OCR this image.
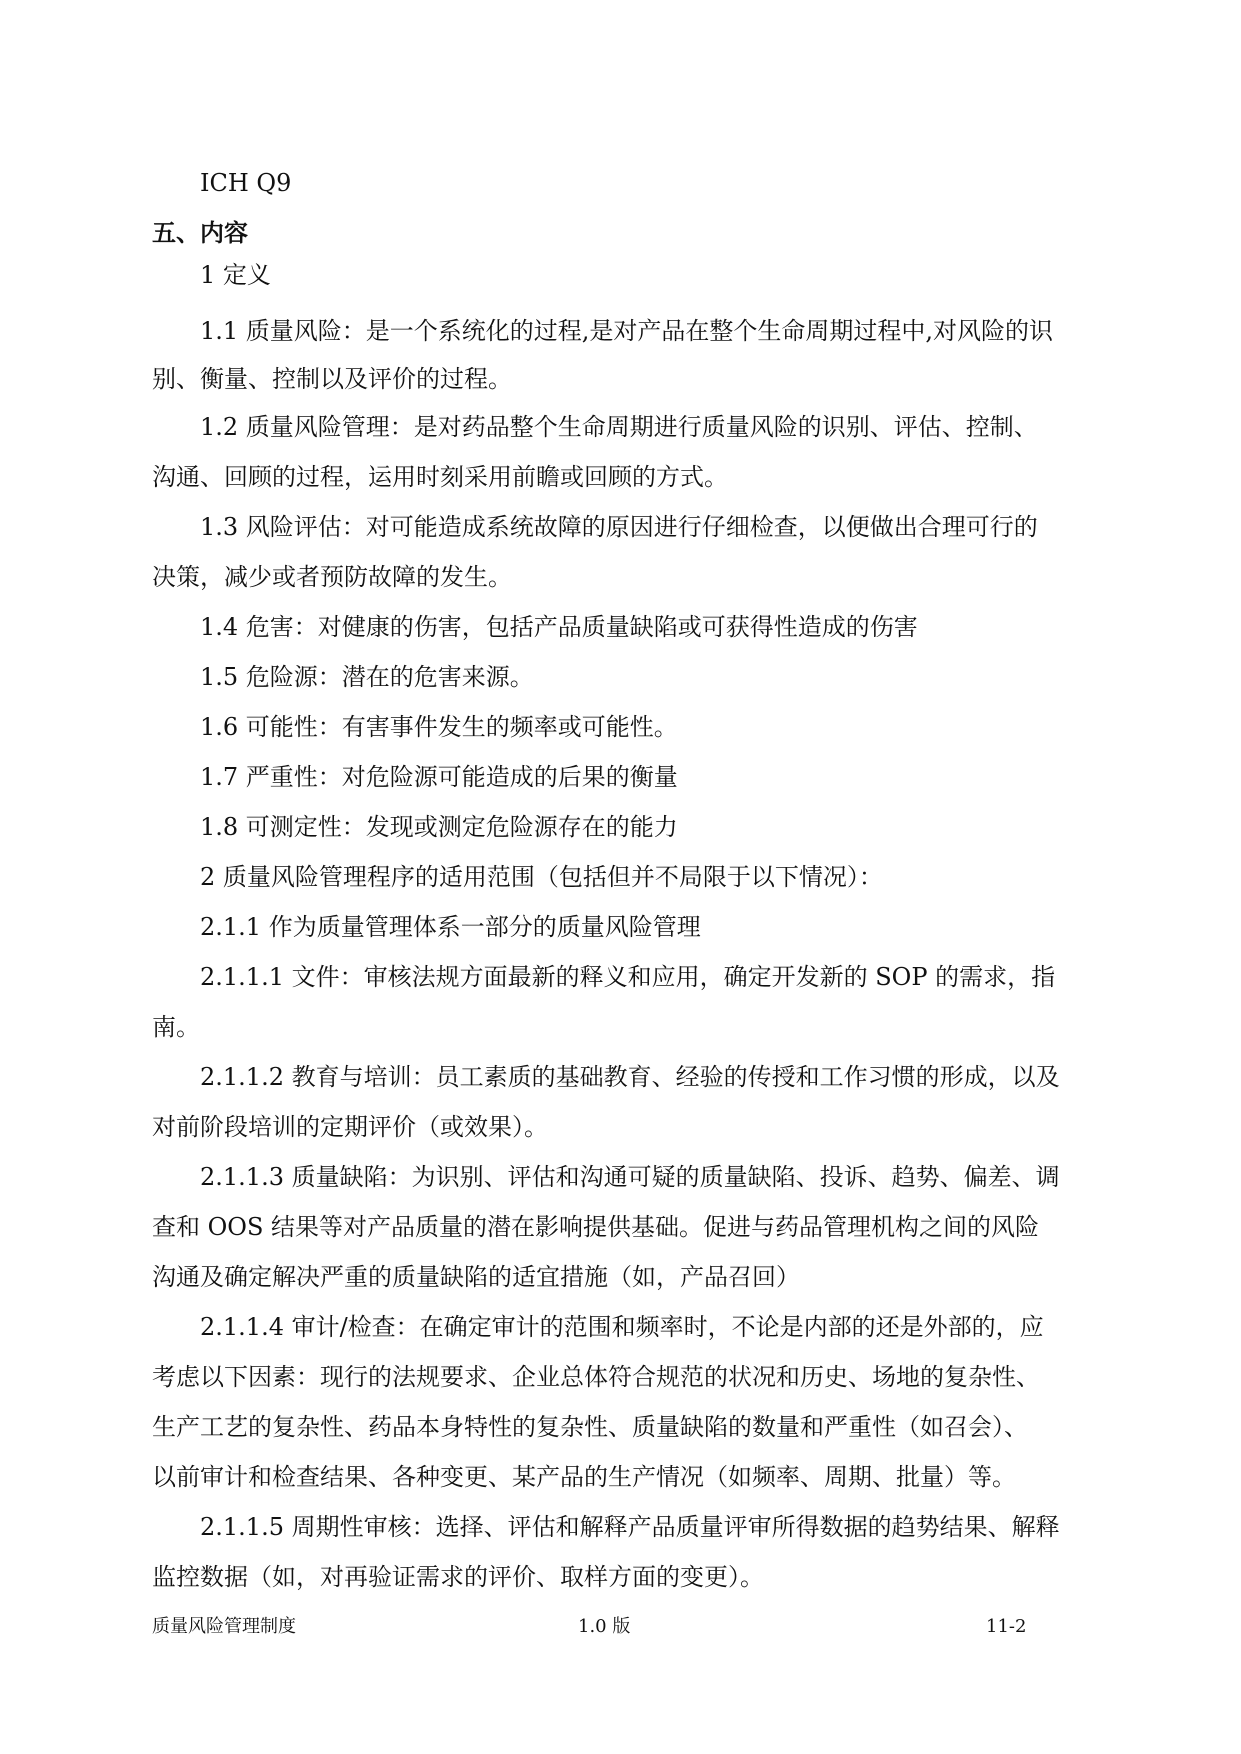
ICH Q9
五、内容
1 定义
1.1 质量风险：是一个系统化的过程,是对产品在整个生命周期过程中,对风险的识
别、衡量、控制以及评价的过程。
1.2 质量风险管理：是对药品整个生命周期进行质量风险的识别、评估、控制、
沟通、回顾的过程，运用时刻采用前瞻或回顾的方式。
1.3 风险评估：对可能造成系统故障的原因进行仔细检查，以便做出合理可行的
决策，减少或者预防故障的发生。
1.4 危害：对健康的伤害，包括产品质量缺陷或可获得性造成的伤害
1.5 危险源：潜在的危害来源。
1.6 可能性：有害事件发生的频率或可能性。
1.7 严重性：对危险源可能造成的后果的衡量
1.8 可测定性：发现或测定危险源存在的能力
2 质量风险管理程序的适用范围（包括但并不局限于以下情况）：
2.1.1 作为质量管理体系一部分的质量风险管理
2.1.1.1 文件：审核法规方面最新的释义和应用，确定开发新的 SOP 的需求，指
南。
2.1.1.2 教育与培训：员工素质的基础教育、经验的传授和工作习惯的形成，以及
对前阶段培训的定期评价（或效果）。
2.1.1.3 质量缺陷：为识别、评估和沟通可疑的质量缺陷、投诉、趋势、偏差、调
查和 OOS 结果等对产品质量的潜在影响提供基础。促进与药品管理机构之间的风险
沟通及确定解决严重的质量缺陷的适宜措施（如，产品召回）
2.1.1.4 审计/检查：在确定审计的范围和频率时，不论是内部的还是外部的，应
考虑以下因素：现行的法规要求、企业总体符合规范的状况和历史、场地的复杂性、
生产工艺的复杂性、药品本身特性的复杂性、质量缺陷的数量和严重性（如召会）、
以前审计和检查结果、各种变更、某产品的生产情况（如频率、周期、批量）等。
2.1.1.5 周期性审核：选择、评估和解释产品质量评审所得数据的趋势结果、解释
监控数据（如，对再验证需求的评价、取样方面的变更）。
质量风险管理制度	1.0 版	11-2
